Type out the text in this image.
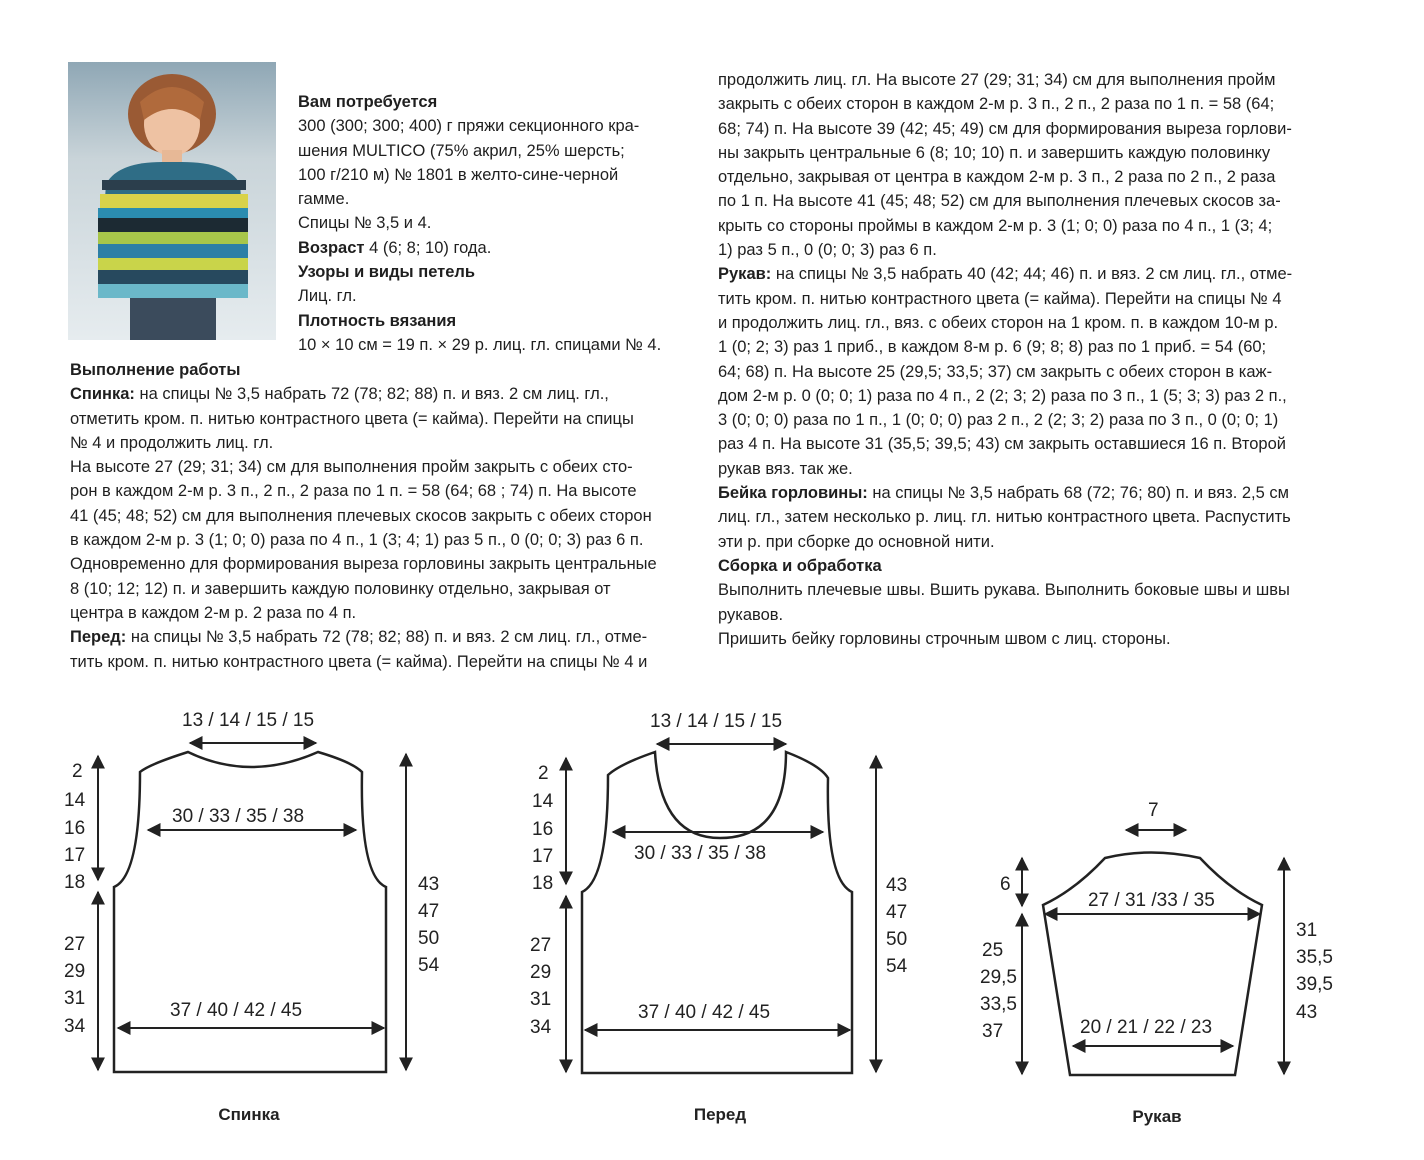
Вам потребуется

300 (300; 300; 400) г пряжи секционного кра-

шения MULTICO (75% акрил, 25% шерсть;

100 г/210 м) № 1801 в желто-сине-черной

гамме.

Спицы № 3,5 и 4.

Возраст 4 (6; 8; 10) года.

Узоры и виды петель

Лиц. гл.

Плотность вязания

10 × 10 см = 19 п. × 29 р. лиц. гл. спицами № 4.

Выполнение работы

Спинка: на спицы № 3,5 набрать 72 (78; 82; 88) п. и вяз. 2 см лиц. гл.,

отметить кром. п. нитью контрастного цвета (= кайма). Перейти на спицы

№ 4 и продолжить лиц. гл.

На высоте 27 (29; 31; 34) см для выполнения пройм закрыть с обеих сто-

рон в каждом 2-м р. 3 п., 2 п., 2 раза по 1 п. = 58 (64; 68 ; 74) п. На высоте

41 (45; 48; 52) см для выполнения плечевых скосов закрыть с обеих сторон

в каждом 2-м р. 3 (1; 0; 0) раза по 4 п., 1 (3; 4; 1) раз 5 п., 0 (0; 0; 3) раз 6 п.

Одновременно для формирования выреза горловины закрыть центральные

8 (10; 12; 12) п. и завершить каждую половинку отдельно, закрывая от

центра в каждом 2-м р. 2 раза по 4 п.

Перед: на спицы № 3,5 набрать 72 (78; 82; 88) п. и вяз. 2 см лиц. гл., отме-

тить кром. п. нитью контрастного цвета (= кайма). Перейти на спицы № 4 и

продолжить лиц. гл. На высоте 27 (29; 31; 34) см для выполнения пройм

закрыть с обеих сторон в каждом 2-м р. 3 п., 2 п., 2 раза по 1 п. = 58 (64;

68; 74) п. На высоте 39 (42; 45; 49) см для формирования выреза горлови-

ны закрыть центральные 6 (8; 10; 10) п. и завершить каждую половинку

отдельно, закрывая от центра в каждом 2-м р. 3 п., 2 раза по 2 п., 2 раза

по 1 п. На высоте 41 (45; 48; 52) см для выполнения плечевых скосов за-

крыть со стороны проймы в каждом 2-м р. 3 (1; 0; 0) раза по 4 п., 1 (3; 4;

1) раз 5 п., 0 (0; 0; 3) раз 6 п.

Рукав: на спицы № 3,5 набрать 40 (42; 44; 46) п. и вяз. 2 см лиц. гл., отме-

тить кром. п. нитью контрастного цвета (= кайма). Перейти на спицы № 4

и продолжить лиц. гл., вяз. с обеих сторон на 1 кром. п. в каждом 10-м р.

1 (0; 2; 3) раз 1 приб., в каждом 8-м р. 6 (9; 8; 8) раз по 1 приб. = 54 (60;

64; 68) п. На высоте 25 (29,5; 33,5; 37) см закрыть с обеих сторон в каж-

дом 2-м р. 0 (0; 0; 1) раза по 4 п., 2 (2; 3; 2) раза по 3 п., 1 (5; 3; 3) раз 2 п.,

3 (0; 0; 0) раза по 1 п., 1 (0; 0; 0) раз 2 п., 2 (2; 3; 2) раза по 3 п., 0 (0; 0; 1)

раз 4 п. На высоте 31 (35,5; 39,5; 43) см закрыть оставшиеся 16 п. Второй

рукав вяз. так же.

Бейка горловины: на спицы № 3,5 набрать 68 (72; 76; 80) п. и вяз. 2,5 см

лиц. гл., затем несколько р. лиц. гл. нитью контрастного цвета. Распустить

эти р. при сборке до основной нити.

Сборка и обработка

Выполнить плечевые швы. Вшить рукава. Выполнить боковые швы и швы

рукавов.

Пришить бейку горловины строчным швом с лиц. стороны.

13 / 14 / 15 / 15
30 / 33 / 35 / 38
37 / 40 / 42 / 45
2
14
16
17
18
27
29
31
34
43
47
50
54
13 / 14 / 15 / 15
30 / 33 / 35 / 38
37 / 40 / 42 / 45
2
14
16
17
18
27
29
31
34
43
47
50
54
7
6
27 / 31 /33 / 35
20 / 21 / 22 / 23
25
29,5
33,5
37
31
35,5
39,5
43
Спинка	Перед	Рукав
